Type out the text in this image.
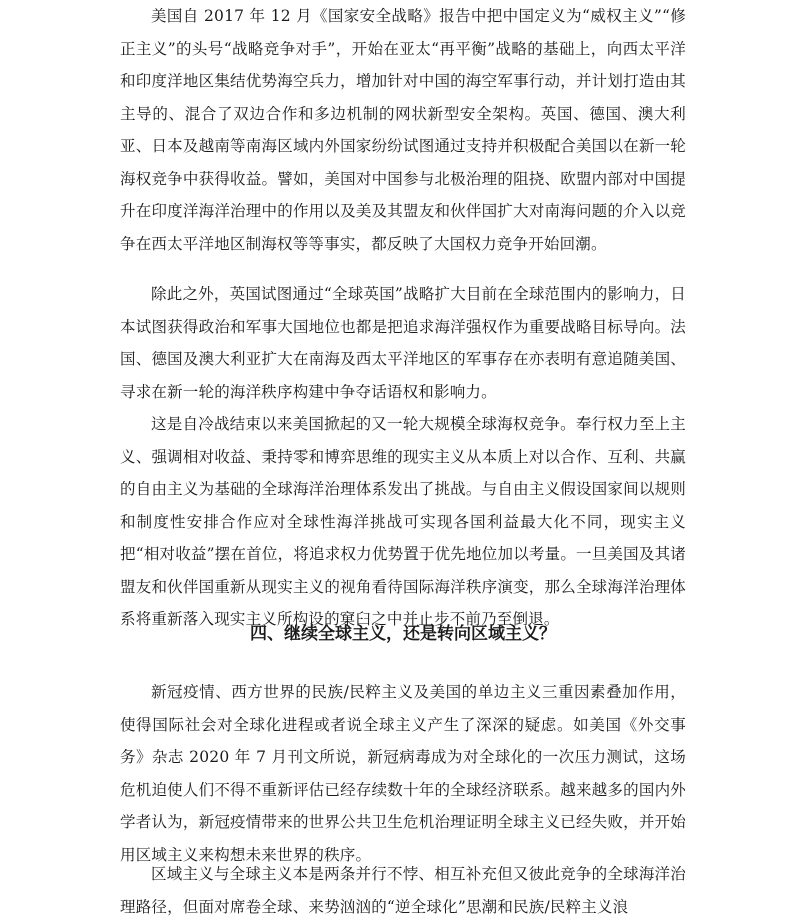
美国自 2017 年 12 月《国家安全战略》报告中把中国定义为“威权主义”“修正主义”的头号“战略竞争对手”，开始在亚太“再平衡”战略的基础上，向西太平洋和印度洋地区集结优势海空兵力，增加针对中国的海空军事行动，并计划打造由其主导的、混合了双边合作和多边机制的网状新型安全架构。英国、德国、澳大利亚、日本及越南等南海区域内外国家纷纷试图通过支持并积极配合美国以在新一轮海权竞争中获得收益。譬如，美国对中国参与北极治理的阻挠、欧盟内部对中国提升在印度洋海洋治理中的作用以及美及其盟友和伙伴国扩大对南海问题的介入以竞争在西太平洋地区制海权等等事实，都反映了大国权力竞争开始回潮。

除此之外，英国试图通过“全球英国”战略扩大目前在全球范围内的影响力，日本试图获得政治和军事大国地位也都是把追求海洋强权作为重要战略目标导向。法国、德国及澳大利亚扩大在南海及西太平洋地区的军事存在亦表明有意追随美国、寻求在新一轮的海洋秩序构建中争夺话语权和影响力。

这是自冷战结束以来美国掀起的又一轮大规模全球海权竞争。奉行权力至上主义、强调相对收益、秉持零和博弈思维的现实主义从本质上对以合作、互利、共赢的自由主义为基础的全球海洋治理体系发出了挑战。与自由主义假设国家间以规则和制度性安排合作应对全球性海洋挑战可实现各国利益最大化不同，现实主义把“相对收益”摆在首位，将追求权力优势置于优先地位加以考量。一旦美国及其诸盟友和伙伴国重新从现实主义的视角看待国际海洋秩序演变，那么全球海洋治理体系将重新落入现实主义所构设的窠臼之中并止步不前乃至倒退。

四、继续全球主义，还是转向区域主义？

新冠疫情、西方世界的民族/民粹主义及美国的单边主义三重因素叠加作用，使得国际社会对全球化进程或者说全球主义产生了深深的疑虑。如美国《外交事务》杂志 2020 年 7 月刊文所说，新冠病毒成为对全球化的一次压力测试，这场危机迫使人们不得不重新评估已经存续数十年的全球经济联系。越来越多的国内外学者认为，新冠疫情带来的世界公共卫生危机治理证明全球主义已经失败，并开始用区域主义来构想未来世界的秩序。

区域主义与全球主义本是两条并行不悖、相互补充但又彼此竞争的全球海洋治理路径，但面对席卷全球、来势汹汹的“逆全球化”思潮和民族/民粹主义浪
